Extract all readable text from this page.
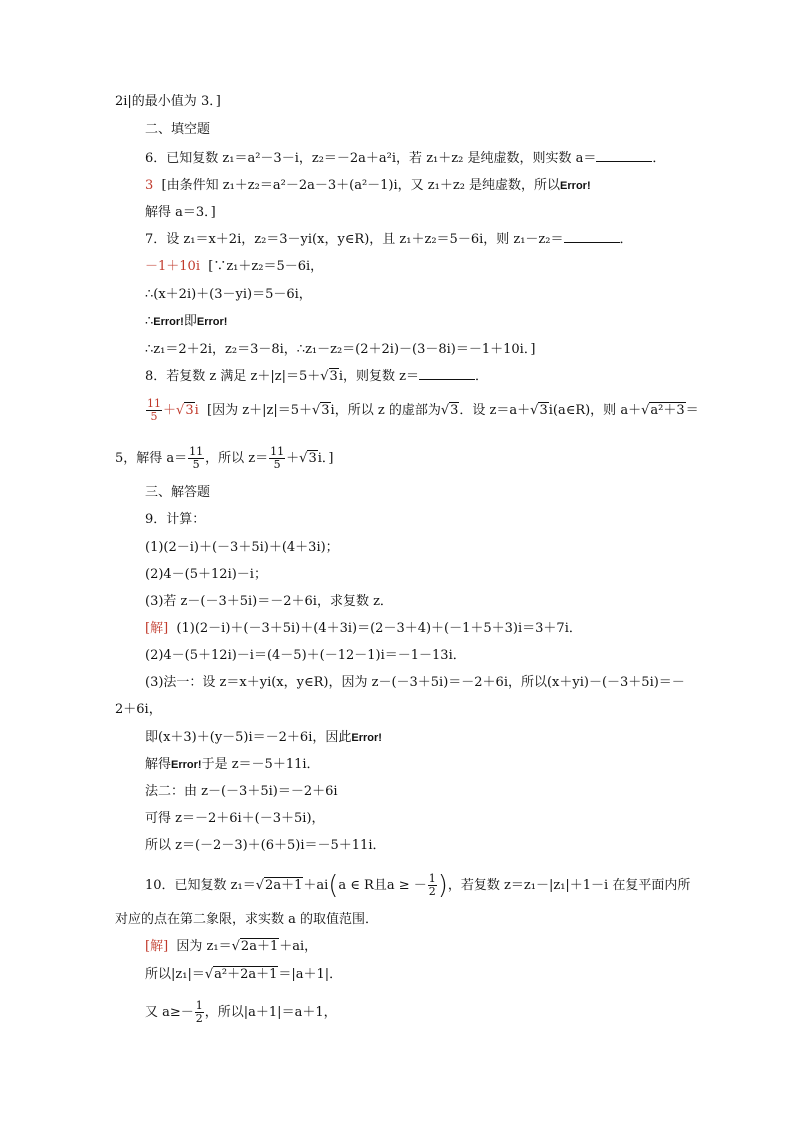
2i|的最小值为 3．]
二、填空题
6．已知复数 z₁＝a²－3－i，z₂＝－2a＋a²i，若 z₁＋z₂ 是纯虚数，则实数 a＝	．
3 [由条件知 z₁＋z₂＝a²－2a－3＋(a²－1)i，又 z₁＋z₂ 是纯虚数，所以Error!
解得 a＝3．]
7．设 z₁＝x＋2i，z₂＝3－yi(x，y∈R)，且 z₁＋z₂＝5－6i，则 z₁－z₂＝	．
－1＋10i [∵z₁＋z₂＝5－6i，
∴(x＋2i)＋(3－yi)＝5－6i，
∴Error!即Error!
∴z₁＝2＋2i，z₂＝3－8i，∴z₁－z₂＝(2＋2i)－(3－8i)＝－1＋10i．]
8．若复数 z 满足 z＋|z|＝5＋√3i，则复数 z＝	．
$\frac{11}{5} +√3i$ [因为 z＋|z|＝5＋√3i，所以 z 的虚部为√3．设 z＝a＋√3i(a∈R)，则 a＋√a²＋3＝
5，解得 $a= \frac{11}{5}$ ，所以 $z= \frac{11}{5} +√3i$．]
三、解答题
9．计算：
(1)(2－i)＋(－3＋5i)＋(4＋3i)；
(2)4－(5＋12i)－i；
(3)若 z－(－3＋5i)＝－2＋6i，求复数 z．
[解] (1)(2－i)＋(－3＋5i)＋(4＋3i)＝(2－3＋4)＋(－1＋5＋3)i＝3＋7i．
(2)4－(5＋12i)－i＝(4－5)＋(－12－1)i＝－1－13i．
(3)法一：设 z＝x＋yi(x，y∈R)，因为 z－(－3＋5i)＝－2＋6i，所以(x＋yi)－(－3＋5i)＝－
2＋6i，
即(x＋3)＋(y－5)i＝－2＋6i，因此Error!
解得Error!于是 z＝－5＋11i．
法二：由 z－(－3＋5i)＝－2＋6i
可得 z＝－2＋6i＋(－3＋5i)，
所以 z＝(－2－3)＋(6＋5)i＝－5＋11i．
10．已知复数 z₁＝√2a＋1＋ai(a ∈ R且a ≥ － $\frac{1}{2}$ )，若复数 z＝z₁－|z₁|＋1－i 在复平面内所
对应的点在第二象限，求实数 a 的取值范围．
[解] 因为 z₁＝√2a＋1＋ai，
所以|z₁|＝√a²＋2a＋1＝|a＋1|．
又 $a\ge- \frac{1}{2}$ ，所以|a＋1|＝a＋1，
